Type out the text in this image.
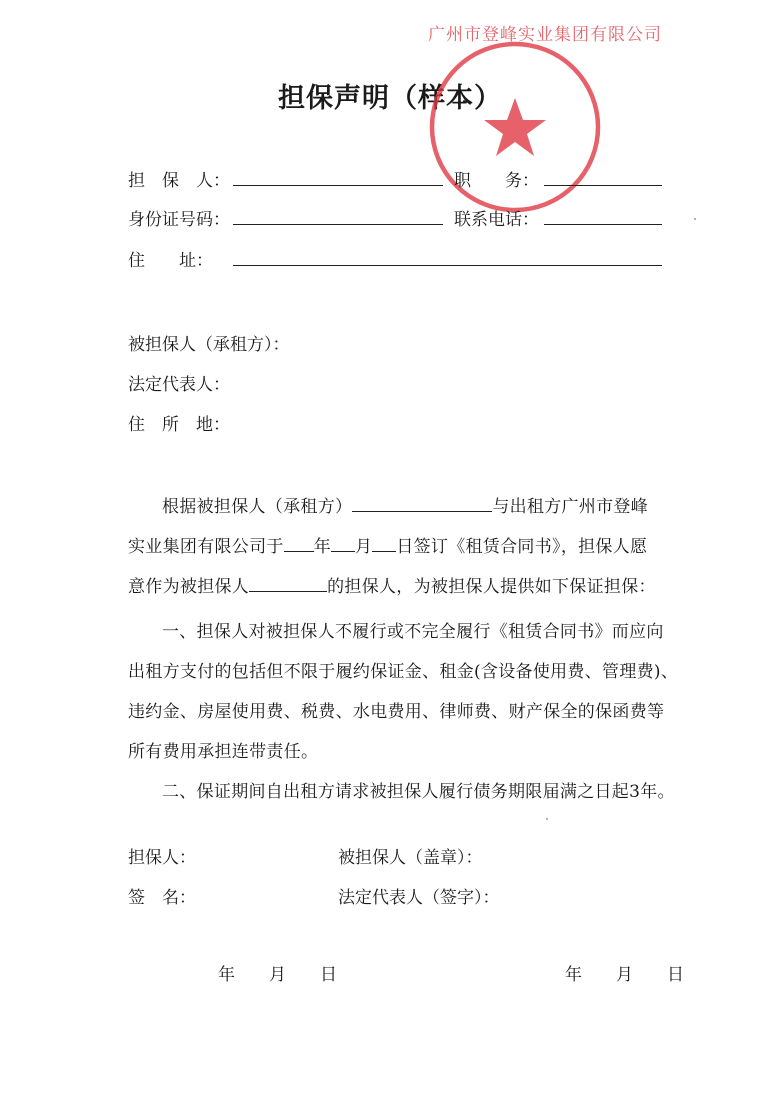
担保声明（样本）
广州市登峰实业集团有限公司
担　保　人：	职　　务：
身份证号码：	联系电话：
住　　址：
被担保人（承租方）：
法定代表人：
住　所　地：
根据被担保人（承租方）	与出租方广州市登峰
实业集团有限公司于 年 月 日签订《租赁合同书》，担保人愿
意作为被担保人	的担保人，为被担保人提供如下保证担保：
一、担保人对被担保人不履行或不完全履行《租赁合同书》而应向
出租方支付的包括但不限于履约保证金、租金(含设备使用费、管理费)、
违约金、房屋使用费、税费、水电费用、律师费、财产保全的保函费等
所有费用承担连带责任。
二、保证期间自出租方请求被担保人履行债务期限届满之日起3年。
担保人：	被担保人（盖章）：
签　名：	法定代表人（签字）：
年　　月　　日	年　　月　　日
